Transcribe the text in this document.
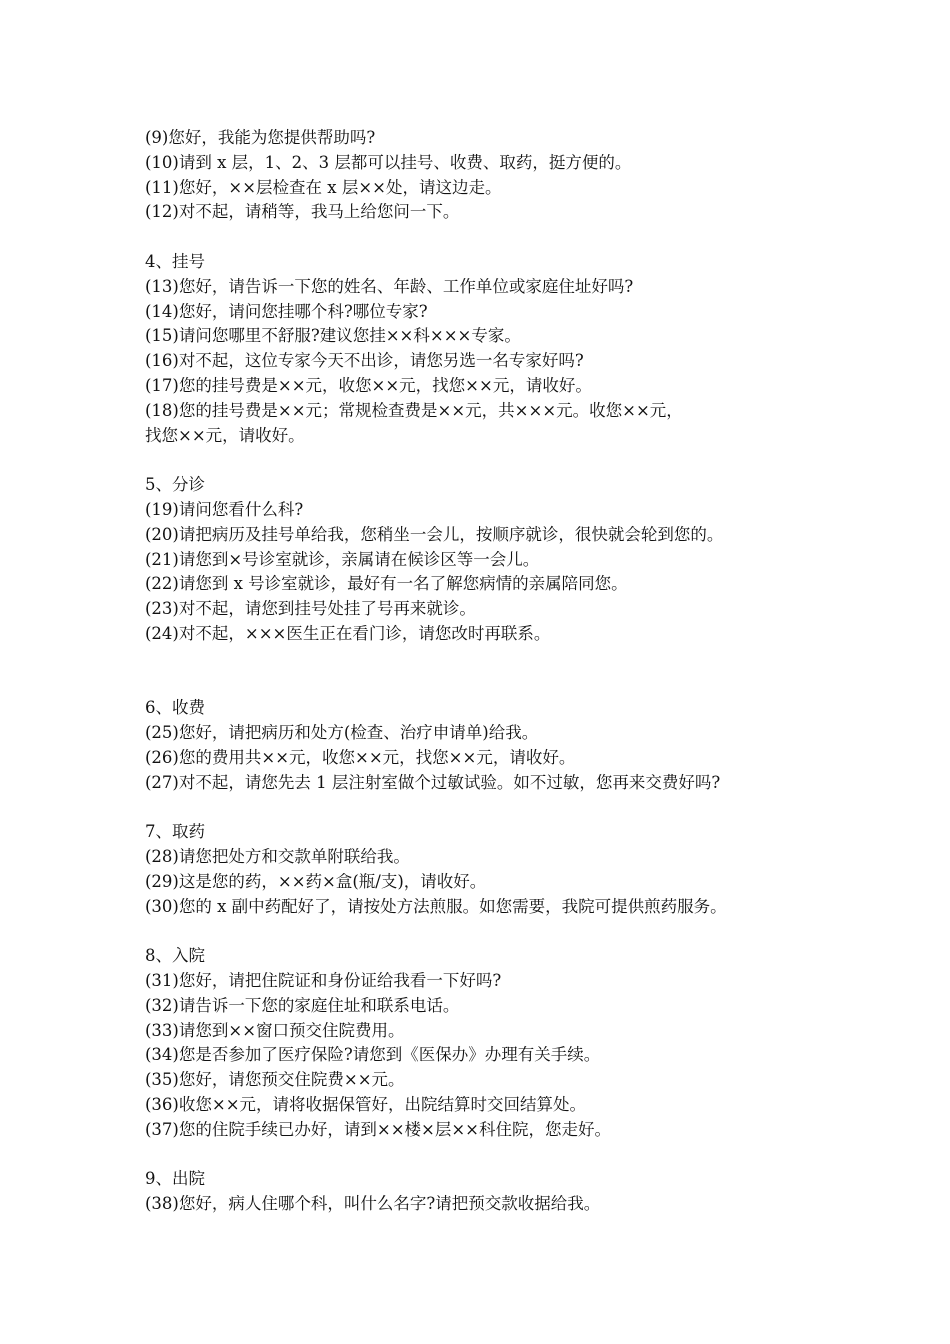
(9)您好，我能为您提供帮助吗?
(10)请到 x 层，1、2、3 层都可以挂号、收费、取药，挺方便的。
(11)您好，××层检查在 x 层××处，请这边走。
(12)对不起，请稍等，我马上给您问一下。
4、挂号
(13)您好，请告诉一下您的姓名、年龄、工作单位或家庭住址好吗?
(14)您好，请问您挂哪个科?哪位专家?
(15)请问您哪里不舒服?建议您挂××科×××专家。
(16)对不起，这位专家今天不出诊，请您另选一名专家好吗?
(17)您的挂号费是××元，收您××元，找您××元，请收好。
(18)您的挂号费是××元；常规检查费是××元，共×××元。收您××元，
找您××元，请收好。
5、分诊
(19)请问您看什么科?
(20)请把病历及挂号单给我，您稍坐一会儿，按顺序就诊，很快就会轮到您的。
(21)请您到×号诊室就诊，亲属请在候诊区等一会儿。
(22)请您到 x 号诊室就诊，最好有一名了解您病情的亲属陪同您。
(23)对不起，请您到挂号处挂了号再来就诊。
(24)对不起，×××医生正在看门诊，请您改时再联系。
6、收费
(25)您好，请把病历和处方(检查、治疗申请单)给我。
(26)您的费用共××元，收您××元，找您××元，请收好。
(27)对不起，请您先去 1 层注射室做个过敏试验。如不过敏，您再来交费好吗?
7、取药
(28)请您把处方和交款单附联给我。
(29)这是您的药，××药×盒(瓶/支)，请收好。
(30)您的 x 副中药配好了，请按处方法煎服。如您需要，我院可提供煎药服务。
8、入院
(31)您好，请把住院证和身份证给我看一下好吗?
(32)请告诉一下您的家庭住址和联系电话。
(33)请您到××窗口预交住院费用。
(34)您是否参加了医疗保险?请您到《医保办》办理有关手续。
(35)您好，请您预交住院费××元。
(36)收您××元，请将收据保管好，出院结算时交回结算处。
(37)您的住院手续已办好，请到××楼×层××科住院，您走好。
9、出院
(38)您好，病人住哪个科，叫什么名字?请把预交款收据给我。
